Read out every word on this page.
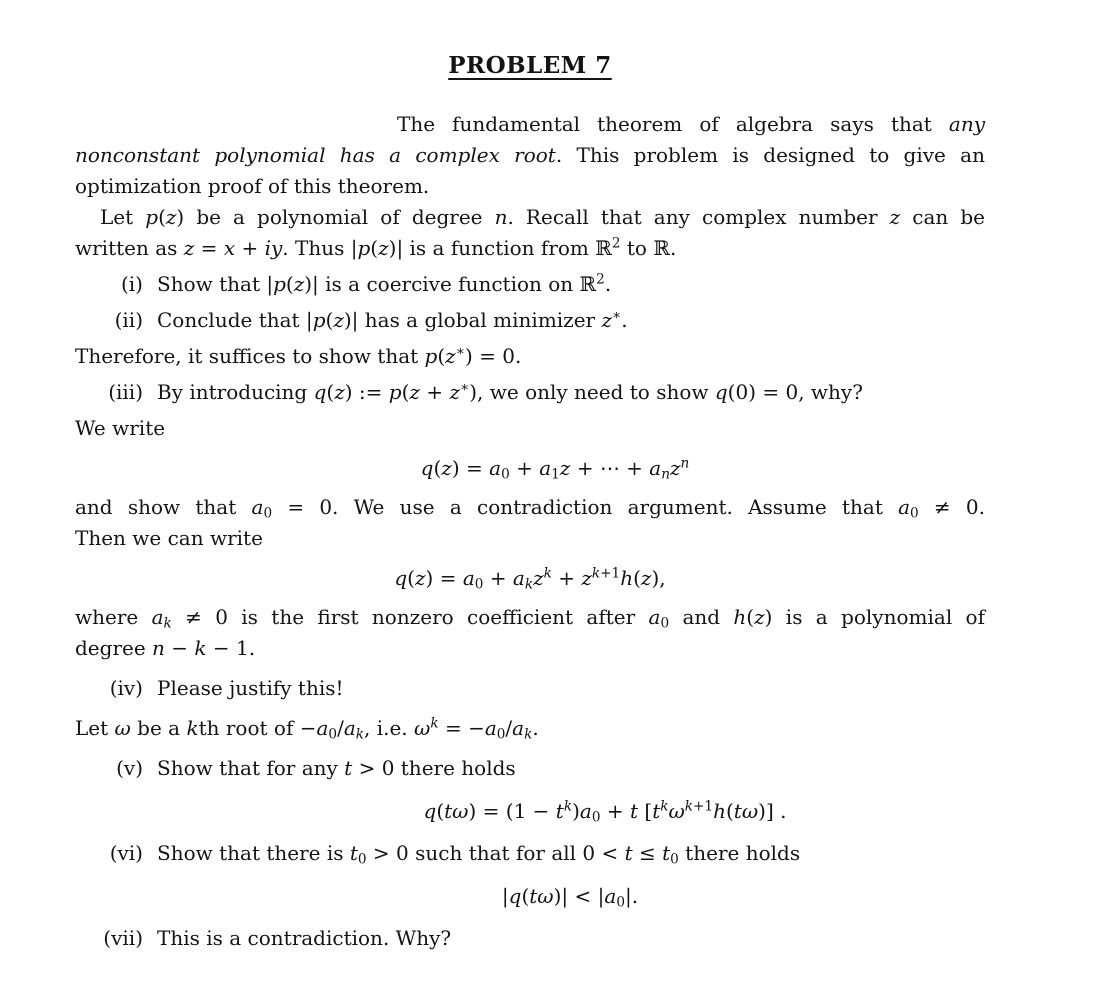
PROBLEM 7
The fundamental theorem of algebra says that any
nonconstant polynomial has a complex root. This problem is designed to give an
optimization proof of this theorem.
Let p(z) be a polynomial of degree n. Recall that any complex number z can be
written as z = x + iy. Thus |p(z)| is a function from ℝ$^2$ to ℝ.
(i) Show that |p(z)| is a coercive function on ℝ$^2$.
(ii) Conclude that |p(z)| has a global minimizer z∗.
Therefore, it suffices to show that p(z∗) = 0.
(iii) By introducing q(z) := p(z + z∗), we only need to show q(0) = 0, why?
We write
$q(z) = a_0 + a_1z$ + ⋯ + $a_nz^n$
and show that $a_0 = 0$. We use a contradiction argument. Assume that $a_0 \ne 0$.
Then we can write
$q(z) = a_0 + a_kz^k + z^{k+1}h(z)$,
where $a_k \ne 0$ is the first nonzero coefficient after $a_0$ and h(z) is a polynomial of
degree n − k − 1.
(iv) Please justify this!
Let ω be a kth root of $-a_0/a_k$, i.e. $\omega^k = -a_0/a_k$.
(v) Show that for any t > 0 there holds
$q(t\omega) = (1 - t^k)a_0 + t$ $[t^k\omega^{k+1}h(t\omega)]$ .
(vi) Show that there is $t_0 > 0$ such that for all $0 < t \le t_0$ there holds
$|q(t\omega)| < |a_0|$.
(vii) This is a contradiction. Why?
